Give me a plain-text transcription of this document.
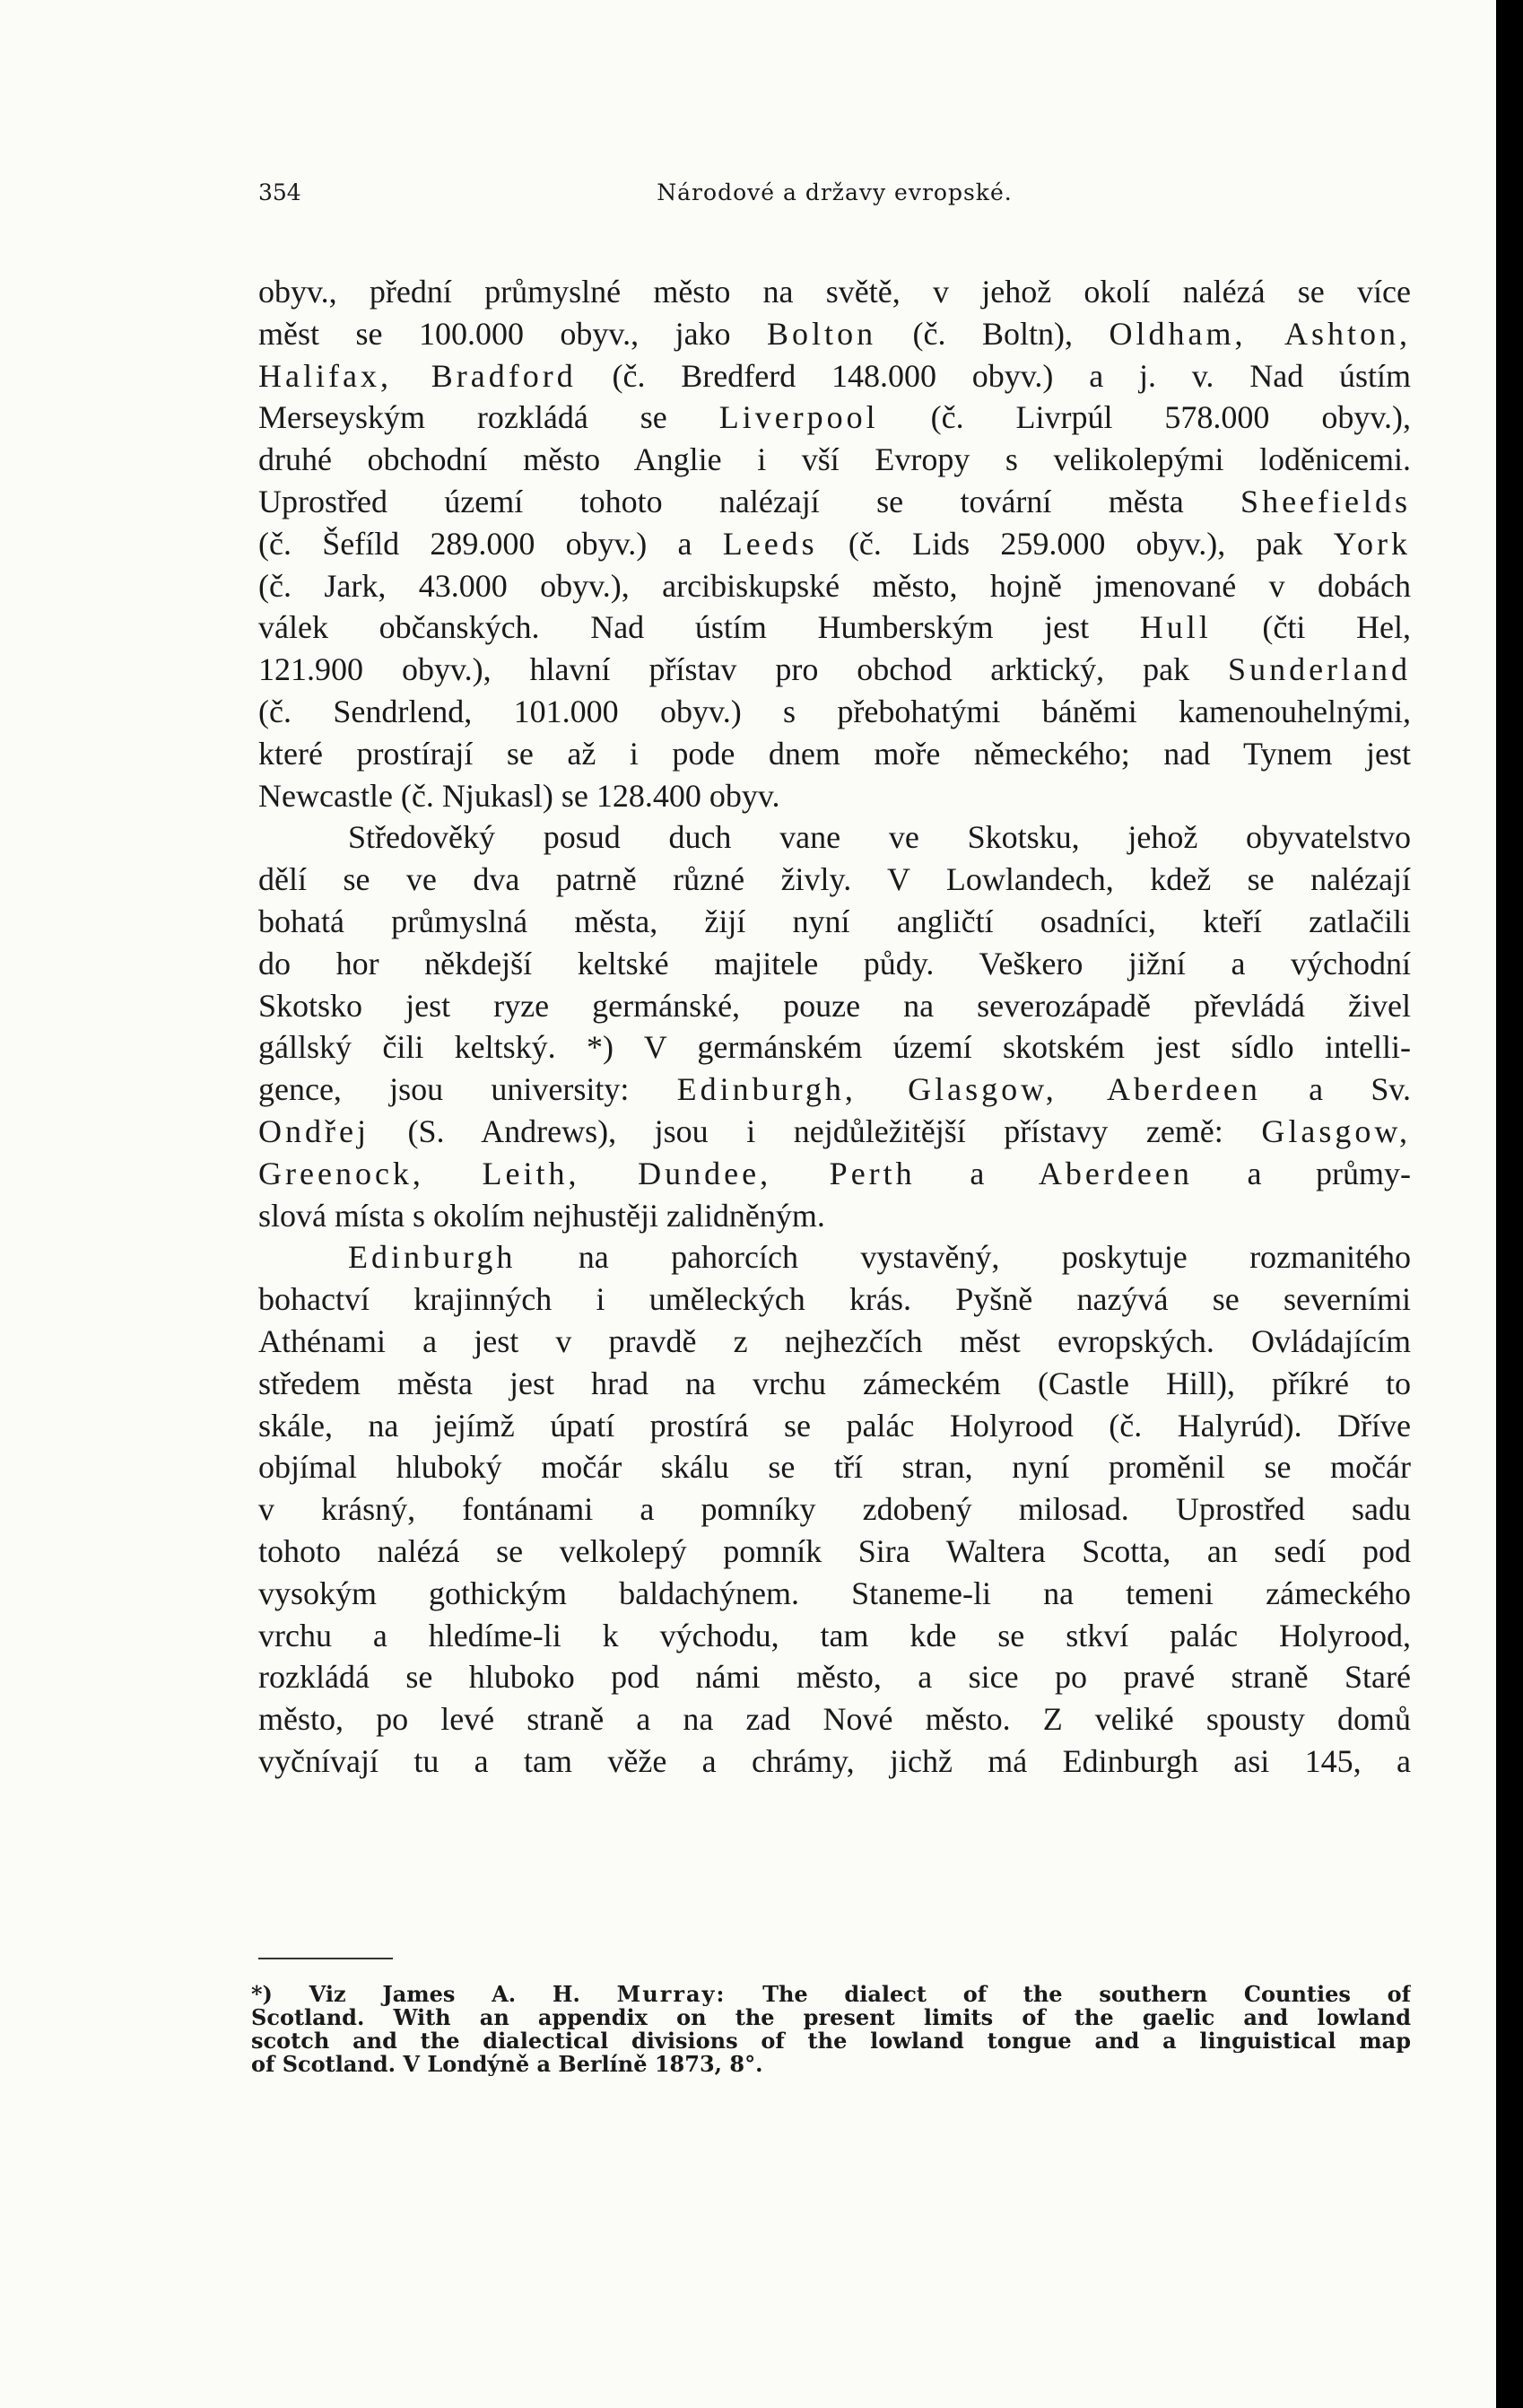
354	Národové a državy evropské.
obyv., přední průmyslné město na světě, v jehož okolí nalézá se více
měst se 100.000 obyv., jako Bolton (č. Boltn), Oldham, Ashton,
Halifax, Bradford (č. Bredferd 148.000 obyv.) a j. v. Nad ústím
Merseyským rozkládá se Liverpool (č. Livrpúl 578.000 obyv.),
druhé obchodní město Anglie i vší Evropy s velikolepými loděnicemi.
Uprostřed území tohoto nalézají se tovární města Sheefields
(č. Šefíld 289.000 obyv.) a Leeds (č. Lids 259.000 obyv.), pak York
(č. Jark, 43.000 obyv.), arcibiskupské město, hojně jmenované v dobách
válek občanských. Nad ústím Humberským jest Hull (čti Hel,
121.900 obyv.), hlavní přístav pro obchod arktický, pak Sunderland
(č. Sendrlend, 101.000 obyv.) s přebohatými báněmi kamenouhelnými,
které prostírají se až i pode dnem moře německého; nad Tynem jest
Newcastle (č. Njukasl) se 128.400 obyv.
Středověký posud duch vane ve Skotsku, jehož obyvatelstvo
dělí se ve dva patrně různé živly. V Lowlandech, kdež se nalézají
bohatá průmyslná města, žijí nyní angličtí osadníci, kteří zatlačili
do hor někdejší keltské majitele půdy. Veškero jižní a východní
Skotsko jest ryze germánské, pouze na severozápadě převládá živel
gállský čili keltský. *) V germánském území skotském jest sídlo intelli-
gence, jsou university: Edinburgh, Glasgow, Aberdeen a Sv.
Ondřej (S. Andrews), jsou i nejdůležitější přístavy země: Glasgow,
Greenock, Leith, Dundee, Perth a Aberdeen a průmy-
slová místa s okolím nejhustěji zalidněným.
Edinburgh na pahorcích vystavěný, poskytuje rozmanitého
bohactví krajinných i uměleckých krás. Pyšně nazývá se severními
Athénami a jest v pravdě z nejhezčích měst evropských. Ovládajícím
středem města jest hrad na vrchu zámeckém (Castle Hill), příkré to
skále, na jejímž úpatí prostírá se palác Holyrood (č. Halyrúd). Dříve
objímal hluboký močár skálu se tří stran, nyní proměnil se močár
v krásný, fontánami a pomníky zdobený milosad. Uprostřed sadu
tohoto nalézá se velkolepý pomník Sira Waltera Scotta, an sedí pod
vysokým gothickým baldachýnem. Staneme-li na temeni zámeckého
vrchu a hledíme-li k východu, tam kde se stkví palác Holyrood,
rozkládá se hluboko pod námi město, a sice po pravé straně Staré
město, po levé straně a na zad Nové město. Z veliké spousty domů
vyčnívají tu a tam věže a chrámy, jichž má Edinburgh asi 145, a
*) Viz James A. H. Murray: The dialect of the southern Counties of
Scotland. With an appendix on the present limits of the gaelic and lowland
scotch and the dialectical divisions of the lowland tongue and a linguistical map
of Scotland. V Londýně a Berlíně 1873, 8°.
